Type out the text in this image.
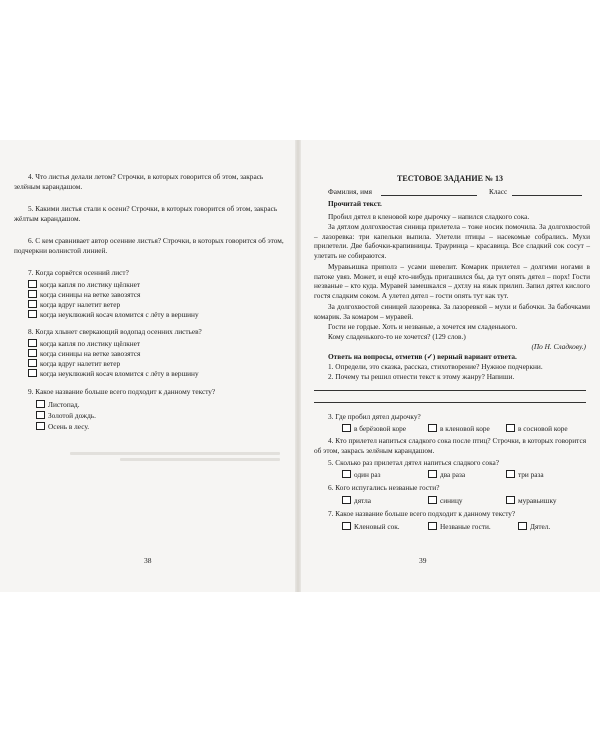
4. Что листья делали летом? Строчки, в которых говорится об этом, закрась зелёным карандашом.
5. Какими листья стали к осени? Строчки, в которых говорится об этом, закрась жёлтым карандашом.
6. С кем сравнивает автор осенние листья? Строчки, в которых говорится об этом, подчеркни волнистой линией.
7. Когда сорвётся осенний лист?
когда капля по листику щёлкнет
когда синицы на ветке завозятся
когда вдруг налетит ветер
когда неуклюжий косач вломится с лёту в вершину
8. Когда хлынет сверкающий водопад осенних листьев?
когда капля по листику щёлкнет
когда синицы на ветке завозятся
когда вдруг налетит ветер
когда неуклюжий косач вломится с лёту в вершину
9. Какое название больше всего подходит к данному тексту?
Листопад.
Золотой дождь.
Осень в лесу.
38
ТЕСТОВОЕ ЗАДАНИЕ № 13
Фамилия, имя	Класс
Прочитай текст.
Пробил дятел в кленовой коре дырочку – напился сладкого сока.
За дятлом долгохвостая синица прилетела – тоже носик помочила. За долгохвостой – лазоревка: три капельки выпила. Улетели птицы – насекомые собрались. Мухи прилетели. Две бабочки-крапивницы. Трауринца – красавица. Все сладкий сок сосут – улетать не собираются.
Муравьишка приполз – усами шевелит. Комарик прилетел – долгими ногами в патоке увяз. Может, и ещё кто-нибудь пригашился бы, да тут опять дятел – порх! Гости незваные – кто куда. Муравей замешкался – дхтлу на язык прилип. Запил дятел кислого гостя сладким соком. А улетел дятел – гости опять тут как тут.
За долгохвостой синицей лазоревка. За лазоревкой – мухи и бабочки. За бабочками комарик. За комаром – муравей.
Гости не гордые. Хоть и незваные, а хочется им сладенького.
Кому сладенького-то не хочется? (129 слов.)
(По Н. Сладкову.)
Ответь на вопросы, отметив (✓) верный вариант ответа.
1. Определи, это сказка, рассказ, стихотворение? Нужное подчеркни.
2. Почему ты решил отнести текст к этому жанру? Напиши.
3. Где пробил дятел дырочку?
в берёзовой коре	в кленовой коре	в сосновой коре
4. Кто прилетел напиться сладкого сока после птиц? Строчки, в которых говорится об этом, закрась зелёным карандашом.
5. Сколько раз прилетал дятел напиться сладкого сока?
один раз	два раза	три раза
6. Кого испугались незваные гости?
дятла	синицу	муравьишку
7. Какое название больше всего подходит к данному тексту?
Кленовый сок.	Незваные гости.	Дятел.
39
